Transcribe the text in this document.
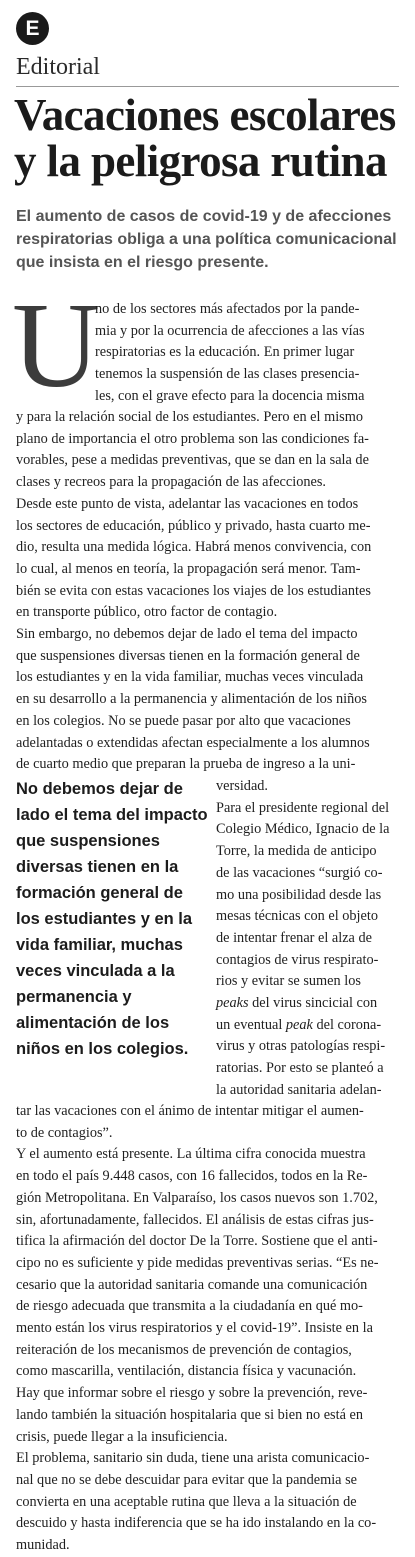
E
Editorial
Vacaciones escolares
y la peligrosa rutina
El aumento de casos de covid-19 y de afecciones
respiratorias obliga a una política comunicacional
que insista en el riesgo presente.
U
no de los sectores más afectados por la pande-
mia y por la ocurrencia de afecciones a las vías
respiratorias es la educación. En primer lugar
tenemos la suspensión de las clases presencia-
les, con el grave efecto para la docencia misma
y para la relación social de los estudiantes. Pero en el mismo
plano de importancia el otro problema son las condiciones fa-
vorables, pese a medidas preventivas, que se dan en la sala de
clases y recreos para la propagación de las afecciones.
Desde este punto de vista, adelantar las vacaciones en todos
los sectores de educación, público y privado, hasta cuarto me-
dio, resulta una medida lógica. Habrá menos convivencia, con
lo cual, al menos en teoría, la propagación será menor. Tam-
bién se evita con estas vacaciones los viajes de los estudiantes
en transporte público, otro factor de contagio.
Sin embargo, no debemos dejar de lado el tema del impacto
que suspensiones diversas tienen en la formación general de
los estudiantes y en la vida familiar, muchas veces vinculada
en su desarrollo a la permanencia y alimentación de los niños
en los colegios. No se puede pasar por alto que vacaciones
adelantadas o extendidas afectan especialmente a los alumnos
de cuarto medio que preparan la prueba de ingreso a la uni-
versidad.
Para el presidente regional del
Colegio Médico, Ignacio de la
Torre, la medida de anticipo
de las vacaciones “surgió co-
mo una posibilidad desde las
mesas técnicas con el objeto
de intentar frenar el alza de
contagios de virus respirato-
rios y evitar se sumen los
peaks del virus sincicial con
un eventual peak del corona-
virus y otras patologías respi-
ratorias. Por esto se planteó a
la autoridad sanitaria adelan-
No debemos dejar de
lado el tema del impacto
que suspensiones
diversas tienen en la
formación general de
los estudiantes y en la
vida familiar, muchas
veces vinculada a la
permanencia y
alimentación de los
niños en los colegios.
tar las vacaciones con el ánimo de intentar mitigar el aumen-
to de contagios”.
Y el aumento está presente. La última cifra conocida muestra
en todo el país 9.448 casos, con 16 fallecidos, todos en la Re-
gión Metropolitana. En Valparaíso, los casos nuevos son 1.702,
sin, afortunadamente, fallecidos. El análisis de estas cifras jus-
tifica la afirmación del doctor De la Torre. Sostiene que el anti-
cipo no es suficiente y pide medidas preventivas serias. “Es ne-
cesario que la autoridad sanitaria comande una comunicación
de riesgo adecuada que transmita a la ciudadanía en qué mo-
mento están los virus respiratorios y el covid-19”. Insiste en la
reiteración de los mecanismos de prevención de contagios,
como mascarilla, ventilación, distancia física y vacunación.
Hay que informar sobre el riesgo y sobre la prevención, reve-
lando también la situación hospitalaria que si bien no está en
crisis, puede llegar a la insuficiencia.
El problema, sanitario sin duda, tiene una arista comunicacio-
nal que no se debe descuidar para evitar que la pandemia se
convierta en una aceptable rutina que lleva a la situación de
descuido y hasta indiferencia que se ha ido instalando en la co-
munidad.
